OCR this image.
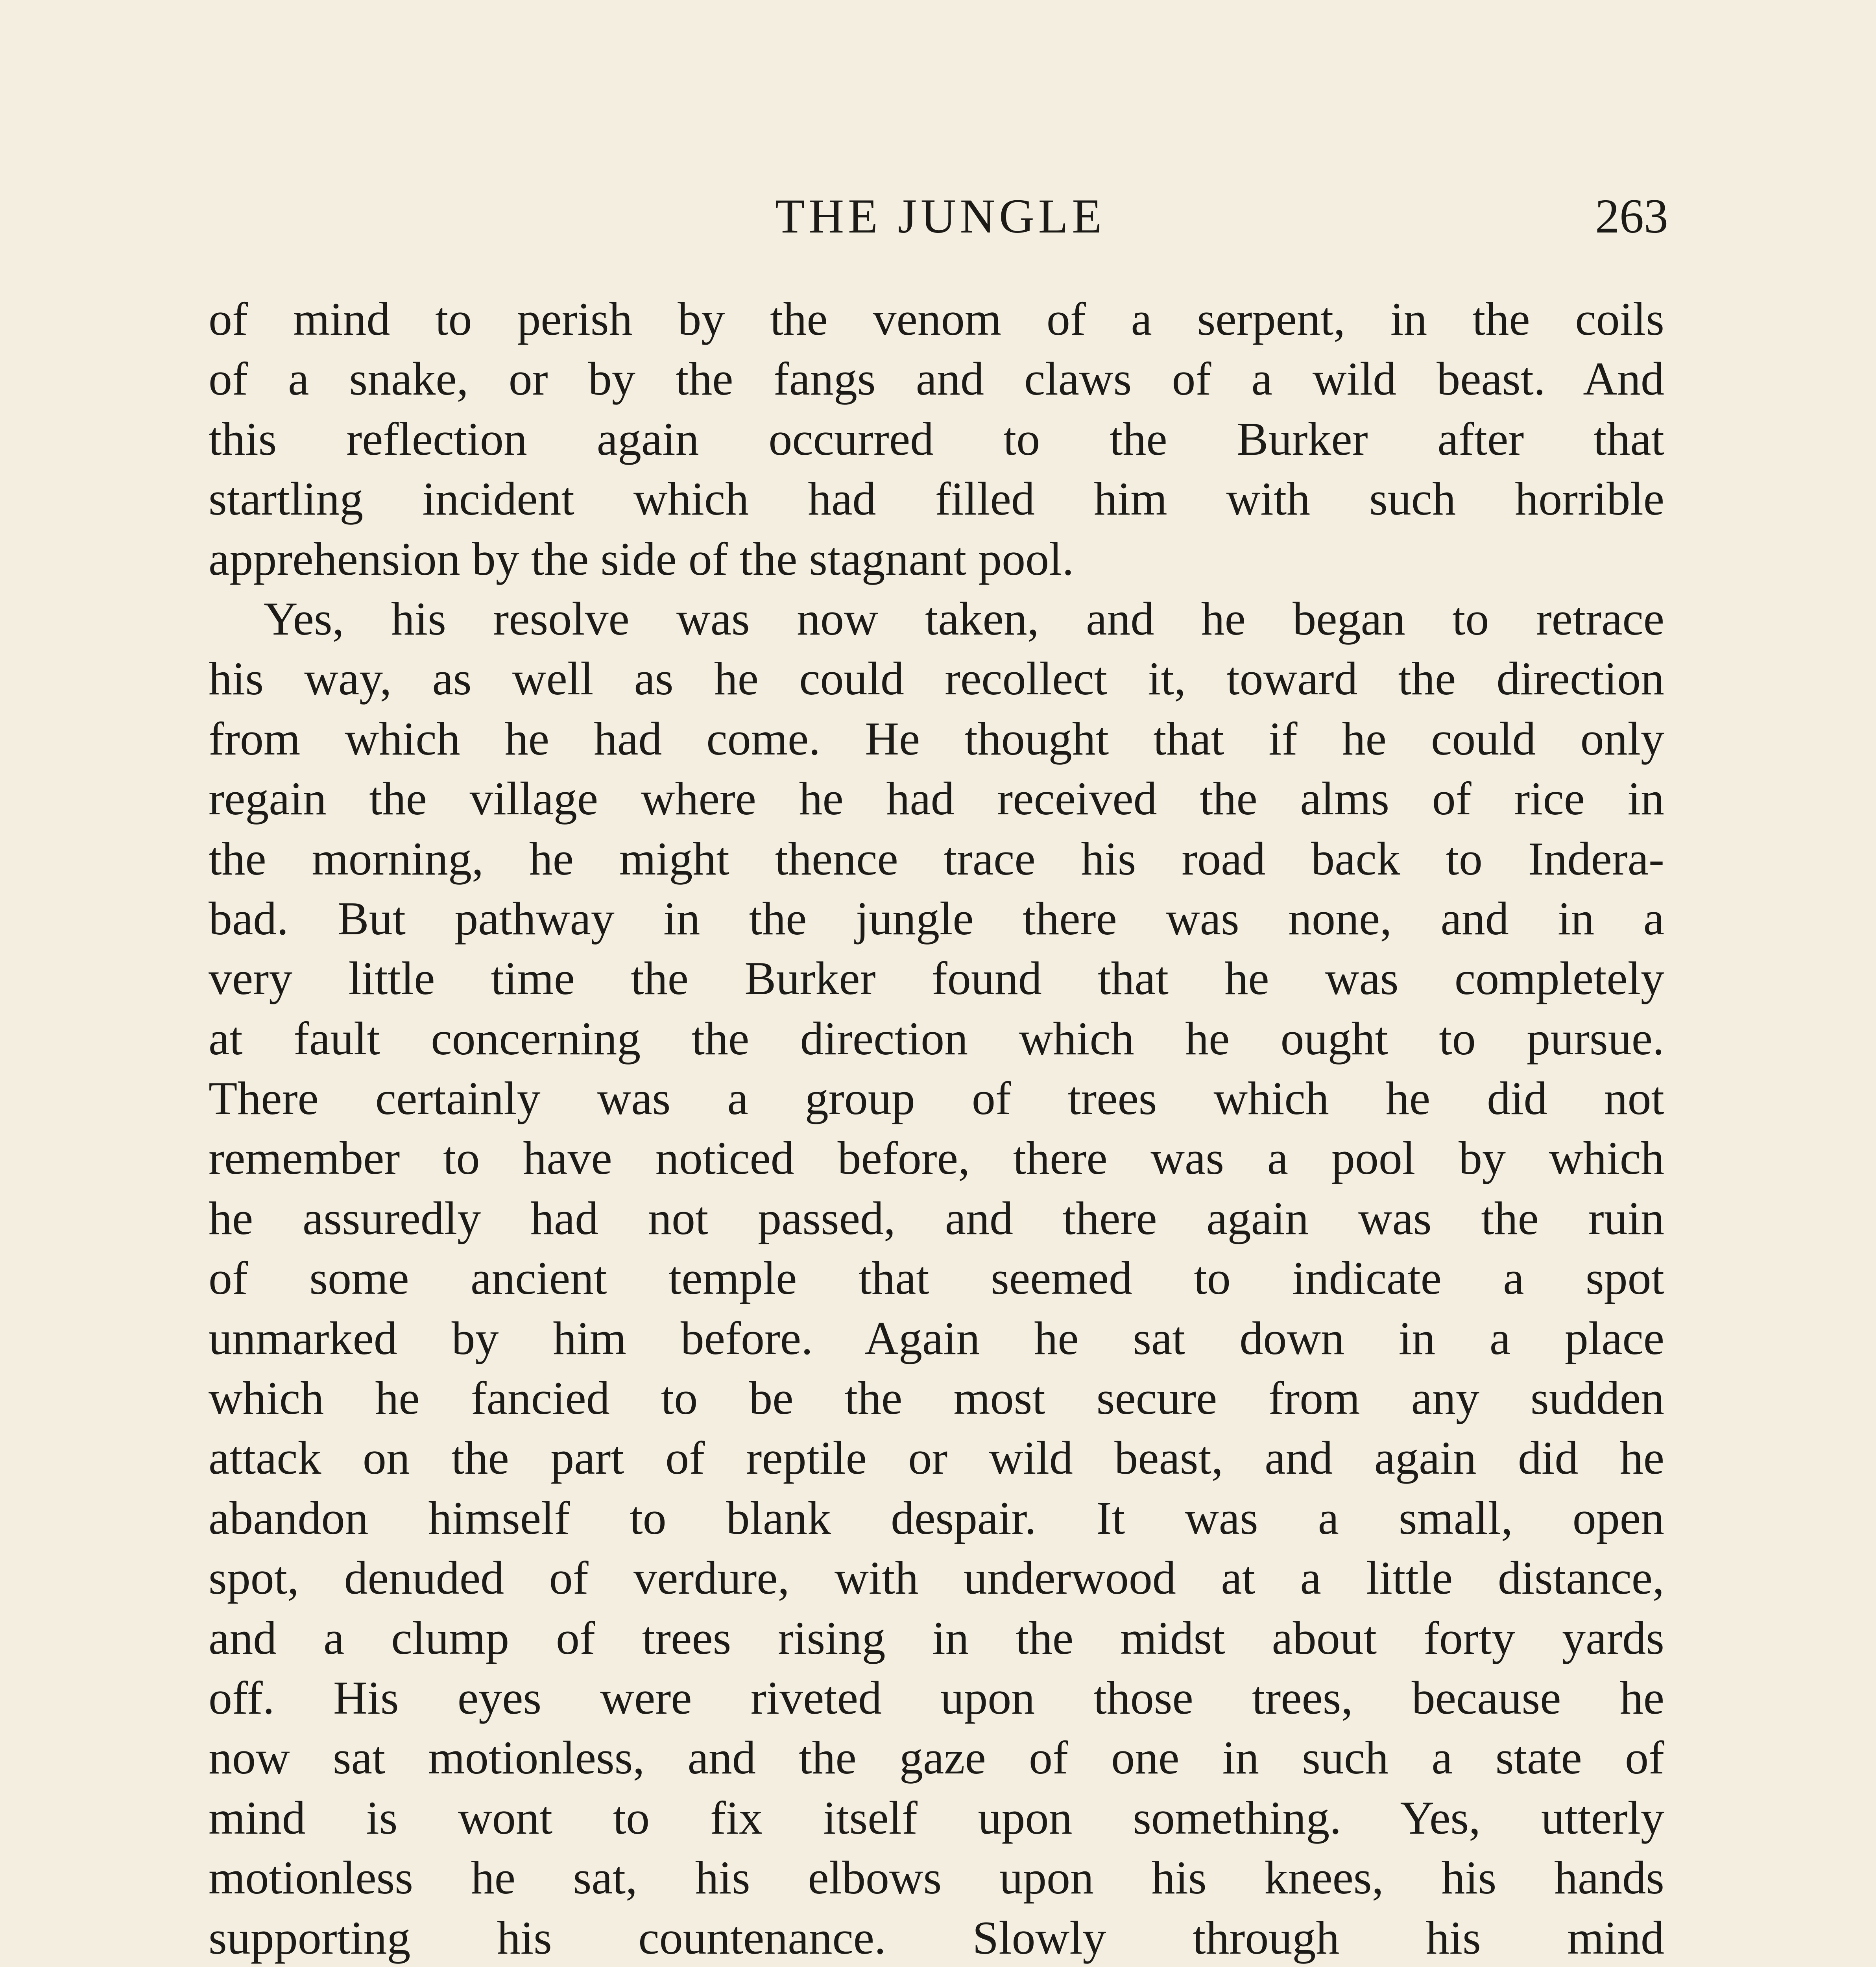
THE JUNGLE	263
of mind to perish by the venom of a serpent, in the coils
of a snake, or by the fangs and claws of a wild beast. And
this reflection again occurred to the Burker after that
startling incident which had filled him with such horrible
apprehension by the side of the stagnant pool.
Yes, his resolve was now taken, and he began to retrace
his way, as well as he could recollect it, toward the direction
from which he had come. He thought that if he could only
regain the village where he had received the alms of rice in
the morning, he might thence trace his road back to Indera-
bad. But pathway in the jungle there was none, and in a
very little time the Burker found that he was completely
at fault concerning the direction which he ought to pursue.
There certainly was a group of trees which he did not
remember to have noticed before, there was a pool by which
he assuredly had not passed, and there again was the ruin
of some ancient temple that seemed to indicate a spot
unmarked by him before. Again he sat down in a place
which he fancied to be the most secure from any sudden
attack on the part of reptile or wild beast, and again did he
abandon himself to blank despair. It was a small, open
spot, denuded of verdure, with underwood at a little distance,
and a clump of trees rising in the midst about forty yards
off. His eyes were riveted upon those trees, because he
now sat motionless, and the gaze of one in such a state of
mind is wont to fix itself upon something. Yes, utterly
motionless he sat, his elbows upon his knees, his hands
supporting his countenance. Slowly through his mind
